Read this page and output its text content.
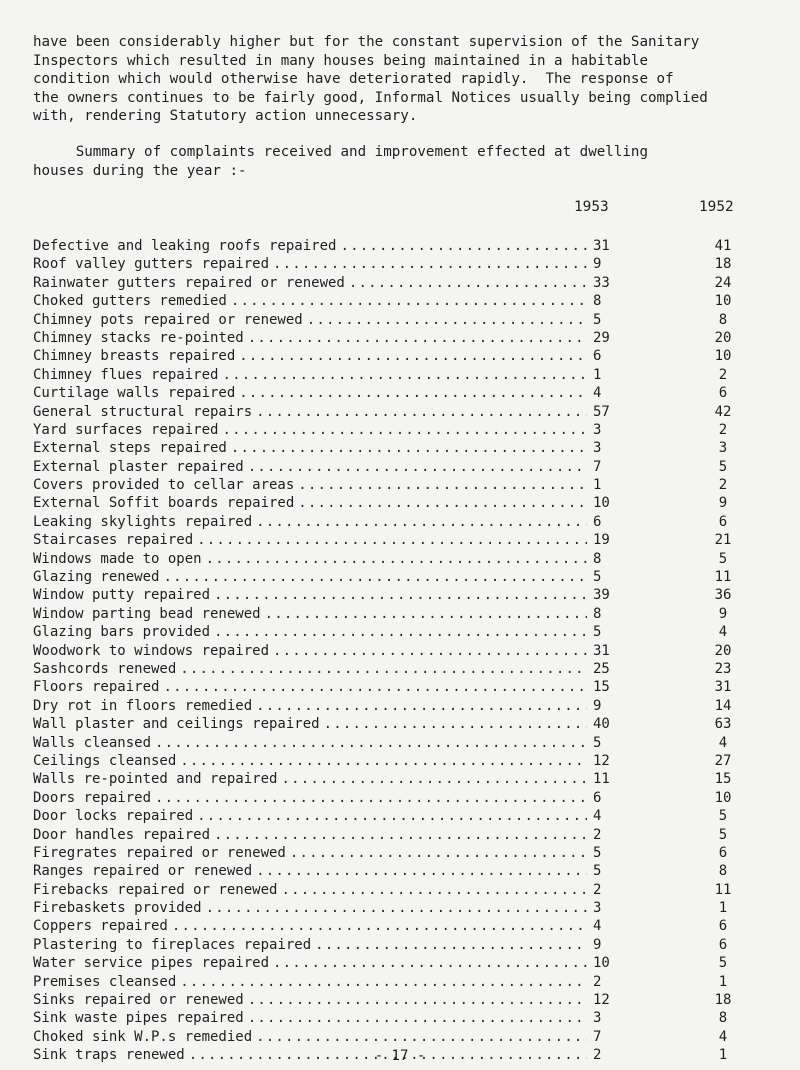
have been considerably higher but for the constant supervision of the Sanitary

Inspectors which resulted in many houses being maintained in a habitable

condition which would otherwise have deteriorated rapidly.  The response of

the owners continues to be fairly good, Informal Notices usually being complied

with, rendering Statutory action unnecessary.

Summary of complaints received and improvement effected at dwelling

houses during the year :-

1953	1952
Defective and leaking roofs repaired .....	31	41
Roof valley gutters repaired .....	9	18
Rainwater gutters repaired or renewed .....	33	24
Choked gutters remedied .....	8	10
Chimney pots repaired or renewed .....	5	8
Chimney stacks re-pointed .....	29	20
Chimney breasts repaired .....	6	10
Chimney flues repaired .....	1	2
Curtilage walls repaired .....	4	6
General structural repairs .....	57	42
Yard surfaces repaired .....	3	2
External steps repaired .....	3	3
External plaster repaired .....	7	5
Covers provided to cellar areas .....	1	2
External Soffit boards repaired .....	10	9
Leaking skylights repaired .....	6	6
Staircases repaired .....	19	21
Windows made to open .....	8	5
Glazing renewed .....	5	11
Window putty repaired .....	39	36
Window parting bead renewed .....	8	9
Glazing bars provided .....	5	4
Woodwork to windows repaired .....	31	20
Sashcords renewed .....	25	23
Floors repaired .....	15	31
Dry rot in floors remedied .....	9	14
Wall plaster and ceilings repaired .....	40	63
Walls cleansed .....	5	4
Ceilings cleansed .....	12	27
Walls re-pointed and repaired .....	11	15
Doors repaired .....	6	10
Door locks repaired .....	4	5
Door handles repaired .....	2	5
Firegrates repaired or renewed .....	5	6
Ranges repaired or renewed .....	5	8
Firebacks repaired or renewed .....	2	11
Firebaskets provided .....	3	1
Coppers repaired .....	4	6
Plastering to fireplaces repaired .....	9	6
Water service pipes repaired .....	10	5
Premises cleansed .....	2	1
Sinks repaired or renewed .....	12	18
Sink waste pipes repaired .....	3	8
Choked sink W.P.s remedied .....	7	4
Sink traps renewed .....	2	1
- 17 -
